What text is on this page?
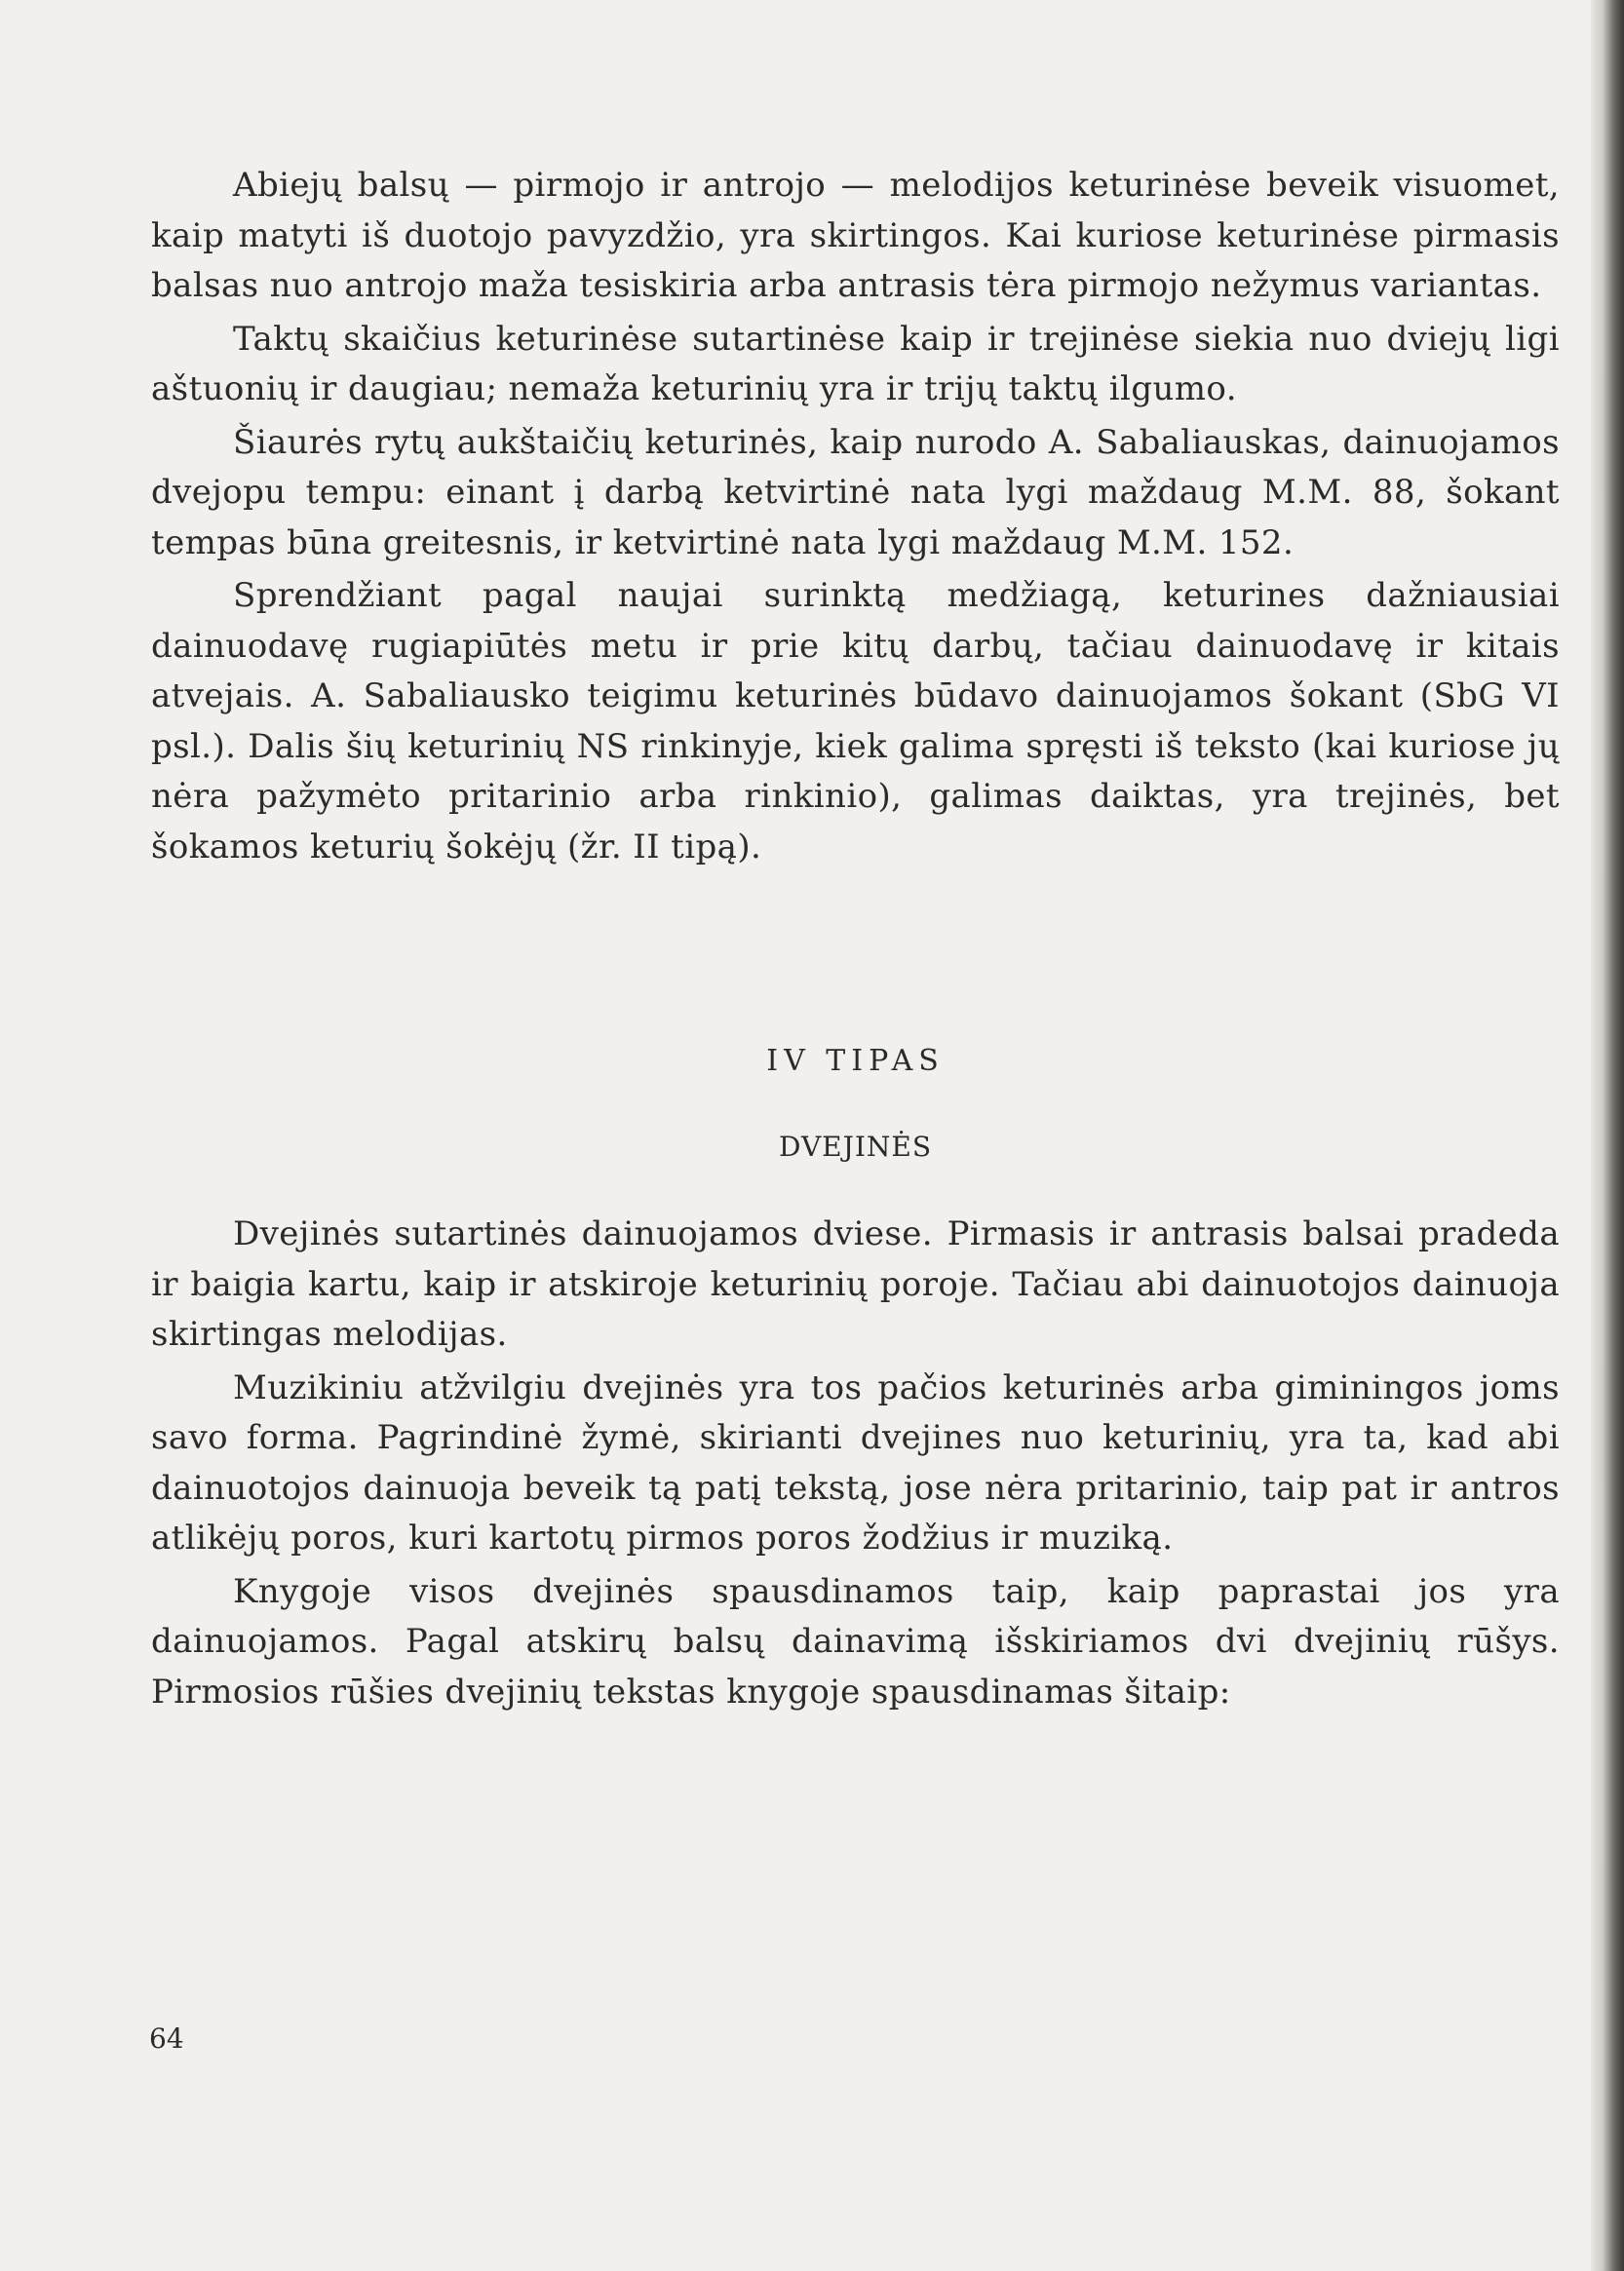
Abiejų balsų — pirmojo ir antrojo — melodijos keturinėse beveik visuomet, kaip matyti iš duotojo pavyzdžio, yra skirtingos. Kai kuriose keturinėse pirmasis balsas nuo antrojo maža tesiskiria arba antrasis tėra pirmojo nežymus variantas.

Taktų skaičius keturinėse sutartinėse kaip ir trejinėse siekia nuo dviejų ligi aštuonių ir daugiau; nemaža keturinių yra ir trijų taktų ilgumo.

Šiaurės rytų aukštaičių keturinės, kaip nurodo A. Sabaliauskas, dainuojamos dvejopu tempu: einant į darbą ketvirtinė nata lygi maždaug M.M. 88, šokant tempas būna greitesnis, ir ketvirtinė nata lygi maždaug M.M. 152.

Sprendžiant pagal naujai surinktą medžiagą, keturines dažniausiai dainuodavę rugiapiūtės metu ir prie kitų darbų, tačiau dainuodavę ir kitais atvejais. A. Sabaliausko teigimu keturinės būdavo dainuojamos šokant (SbG VI psl.). Dalis šių keturinių NS rinkinyje, kiek galima spręsti iš teksto (kai kuriose jų nėra pažymėto pritarinio arba rinkinio), galimas daiktas, yra trejinės, bet šokamos keturių šokėjų (žr. II tipą).

IV TIPAS

DVEJINĖS

Dvejinės sutartinės dainuojamos dviese. Pirmasis ir antrasis balsai pradeda ir baigia kartu, kaip ir atskiroje keturinių poroje. Tačiau abi dainuotojos dainuoja skirtingas melodijas.

Muzikiniu atžvilgiu dvejinės yra tos pačios keturinės arba giminingos joms savo forma. Pagrindinė žymė, skirianti dvejines nuo keturinių, yra ta, kad abi dainuotojos dainuoja beveik tą patį tekstą, jose nėra pritarinio, taip pat ir antros atlikėjų poros, kuri kartotų pirmos poros žodžius ir muziką.

Knygoje visos dvejinės spausdinamos taip, kaip paprastai jos yra dainuojamos. Pagal atskirų balsų dainavimą išskiriamos dvi dvejinių rūšys. Pirmosios rūšies dvejinių tekstas knygoje spausdinamas šitaip:

64
